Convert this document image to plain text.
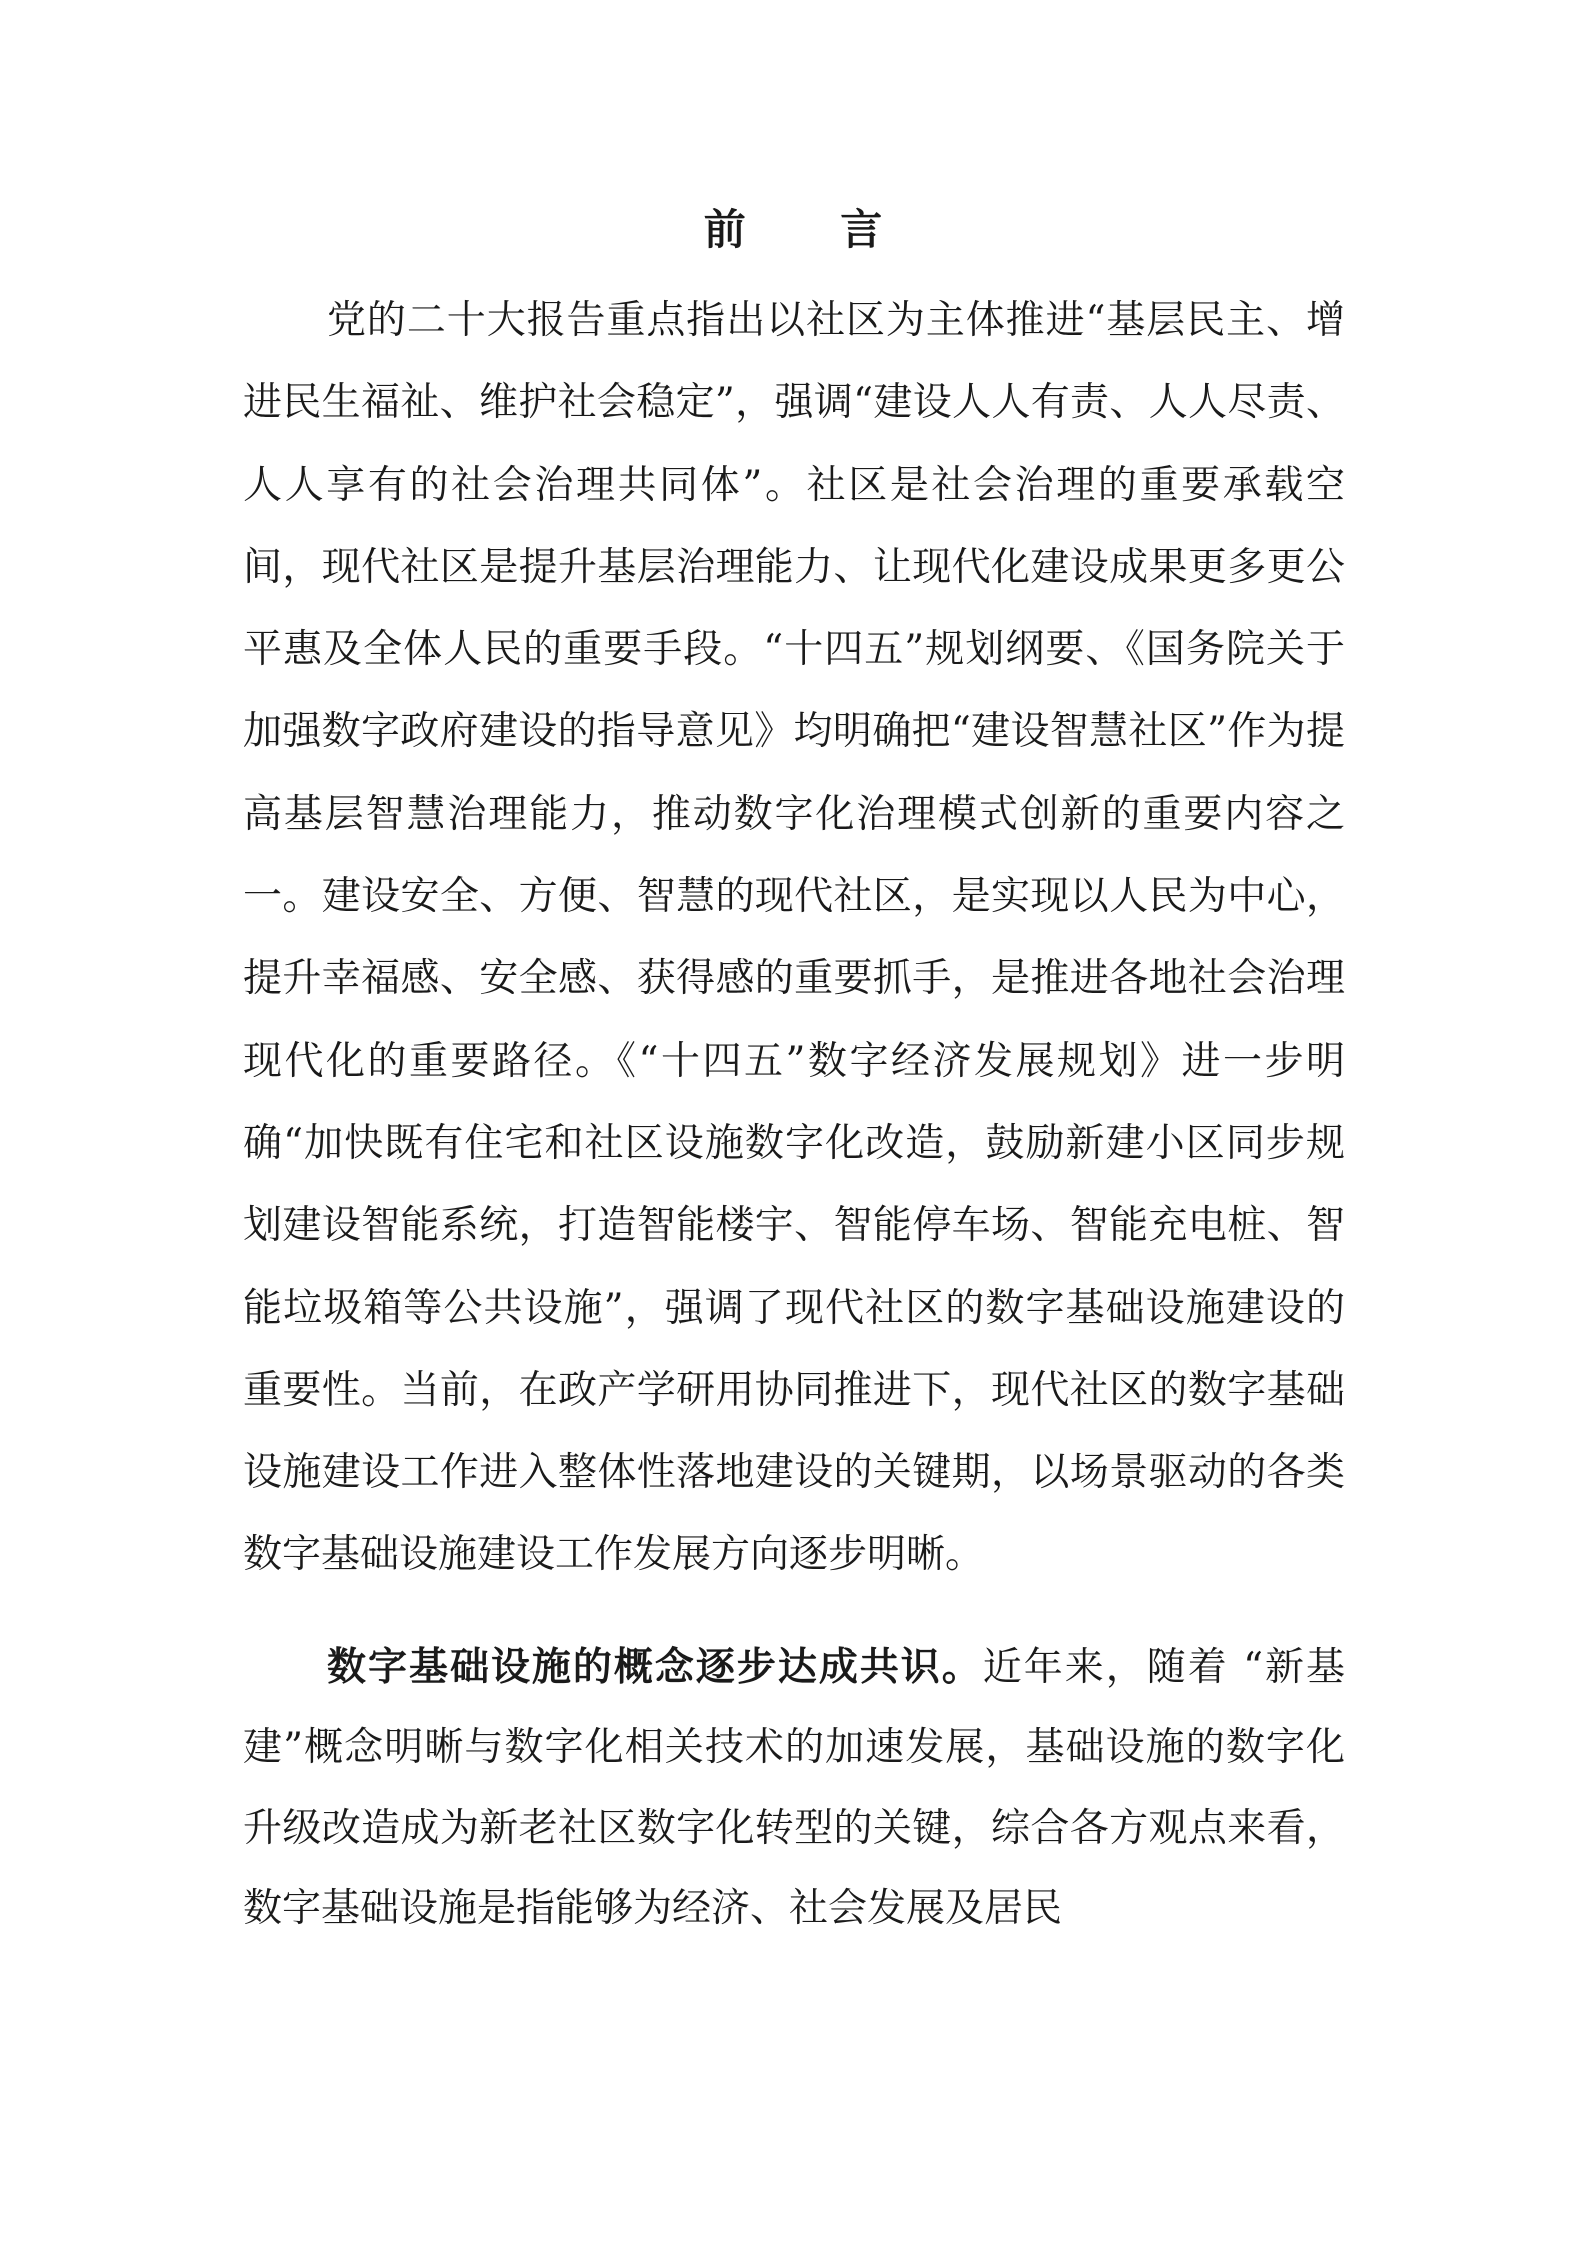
前 言

党的二十大报告重点指出以社区为主体推进“基层民主、增进民生福祉、维护社会稳定”，强调“建设人人有责、人人尽责、人人享有的社会治理共同体”。社区是社会治理的重要承载空间，现代社区是提升基层治理能力、让现代化建设成果更多更公平惠及全体人民的重要手段。“十四五”规划纲要、《国务院关于加强数字政府建设的指导意见》均明确把“建设智慧社区”作为提高基层智慧治理能力，推动数字化治理模式创新的重要内容之一。建设安全、方便、智慧的现代社区，是实现以人民为中心，提升幸福感、安全感、获得感的重要抓手，是推进各地社会治理现代化的重要路径。《“十四五”数字经济发展规划》进一步明确“加快既有住宅和社区设施数字化改造，鼓励新建小区同步规划建设智能系统，打造智能楼宇、智能停车场、智能充电桩、智能垃圾箱等公共设施”，强调了现代社区的数字基础设施建设的重要性。当前，在政产学研用协同推进下，现代社区的数字基础设施建设工作进入整体性落地建设的关键期，以场景驱动的各类数字基础设施建设工作发展方向逐步明晰。

数字基础设施的概念逐步达成共识。近年来，随着 “新基建”概念明晰与数字化相关技术的加速发展，基础设施的数字化升级改造成为新老社区数字化转型的关键，综合各方观点来看，数字基础设施是指能够为经济、社会发展及居民
